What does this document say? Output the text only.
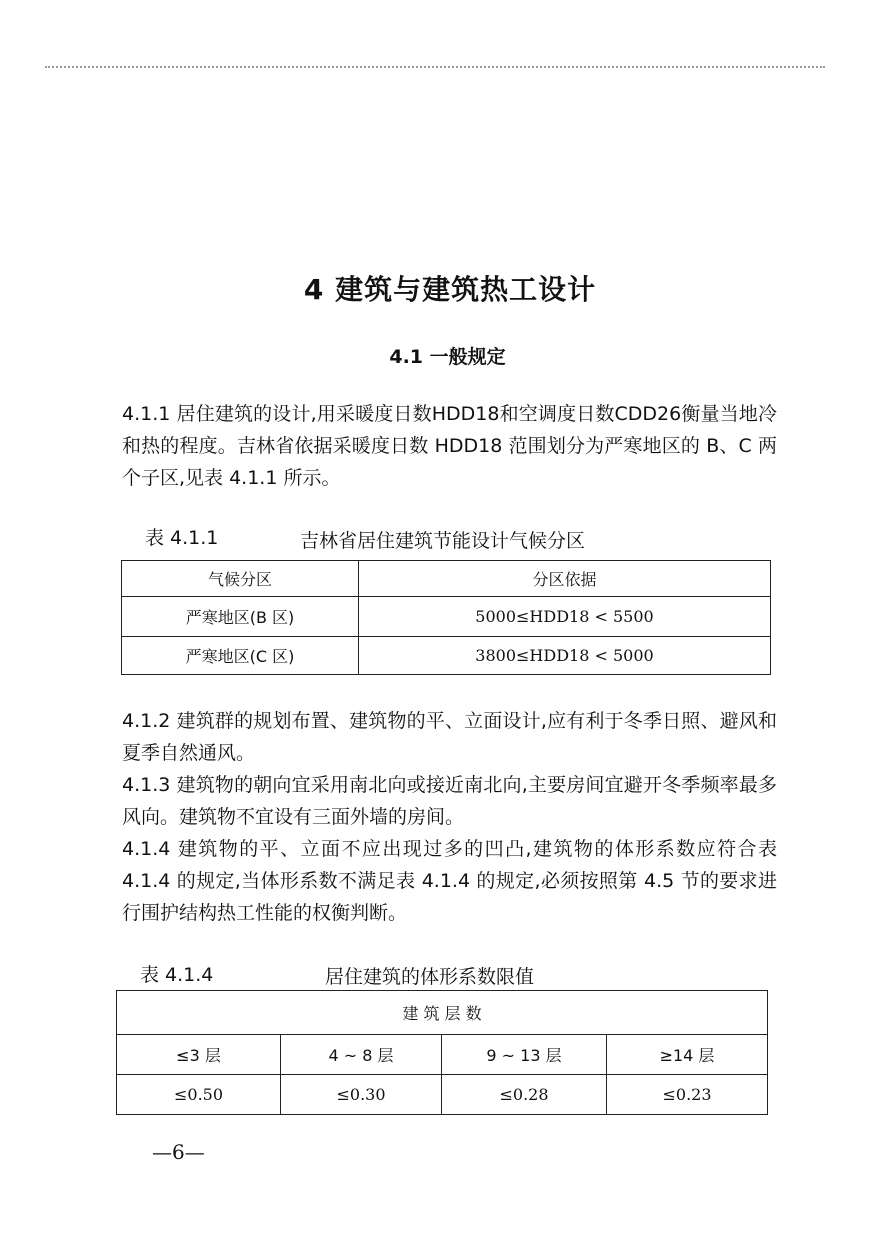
4 建筑与建筑热工设计
4.1 一般规定
4.1.1 居住建筑的设计,用采暖度日数HDD18和空调度日数CDD26衡量当地冷和热的程度。吉林省依据采暖度日数 HDD18 范围划分为严寒地区的 B、C 两个子区,见表 4.1.1 所示。
表 4.1.1	吉林省居住建筑节能设计气候分区
气候分区	分区依据
严寒地区(B 区)	5000≤HDD18 < 5500
严寒地区(C 区)	3800≤HDD18 < 5000
4.1.2 建筑群的规划布置、建筑物的平、立面设计,应有利于冬季日照、避风和夏季自然通风。
4.1.3 建筑物的朝向宜采用南北向或接近南北向,主要房间宜避开冬季频率最多风向。建筑物不宜设有三面外墙的房间。
4.1.4 建筑物的平、立面不应出现过多的凹凸,建筑物的体形系数应符合表 4.1.4 的规定,当体形系数不满足表 4.1.4 的规定,必须按照第 4.5 节的要求进行围护结构热工性能的权衡判断。
表 4.1.4	居住建筑的体形系数限值
建 筑 层 数			
≤3 层	4 ~ 8 层	9 ~ 13 层	≥14 层
≤0.50	≤0.30	≤0.28	≤0.23
—6—
